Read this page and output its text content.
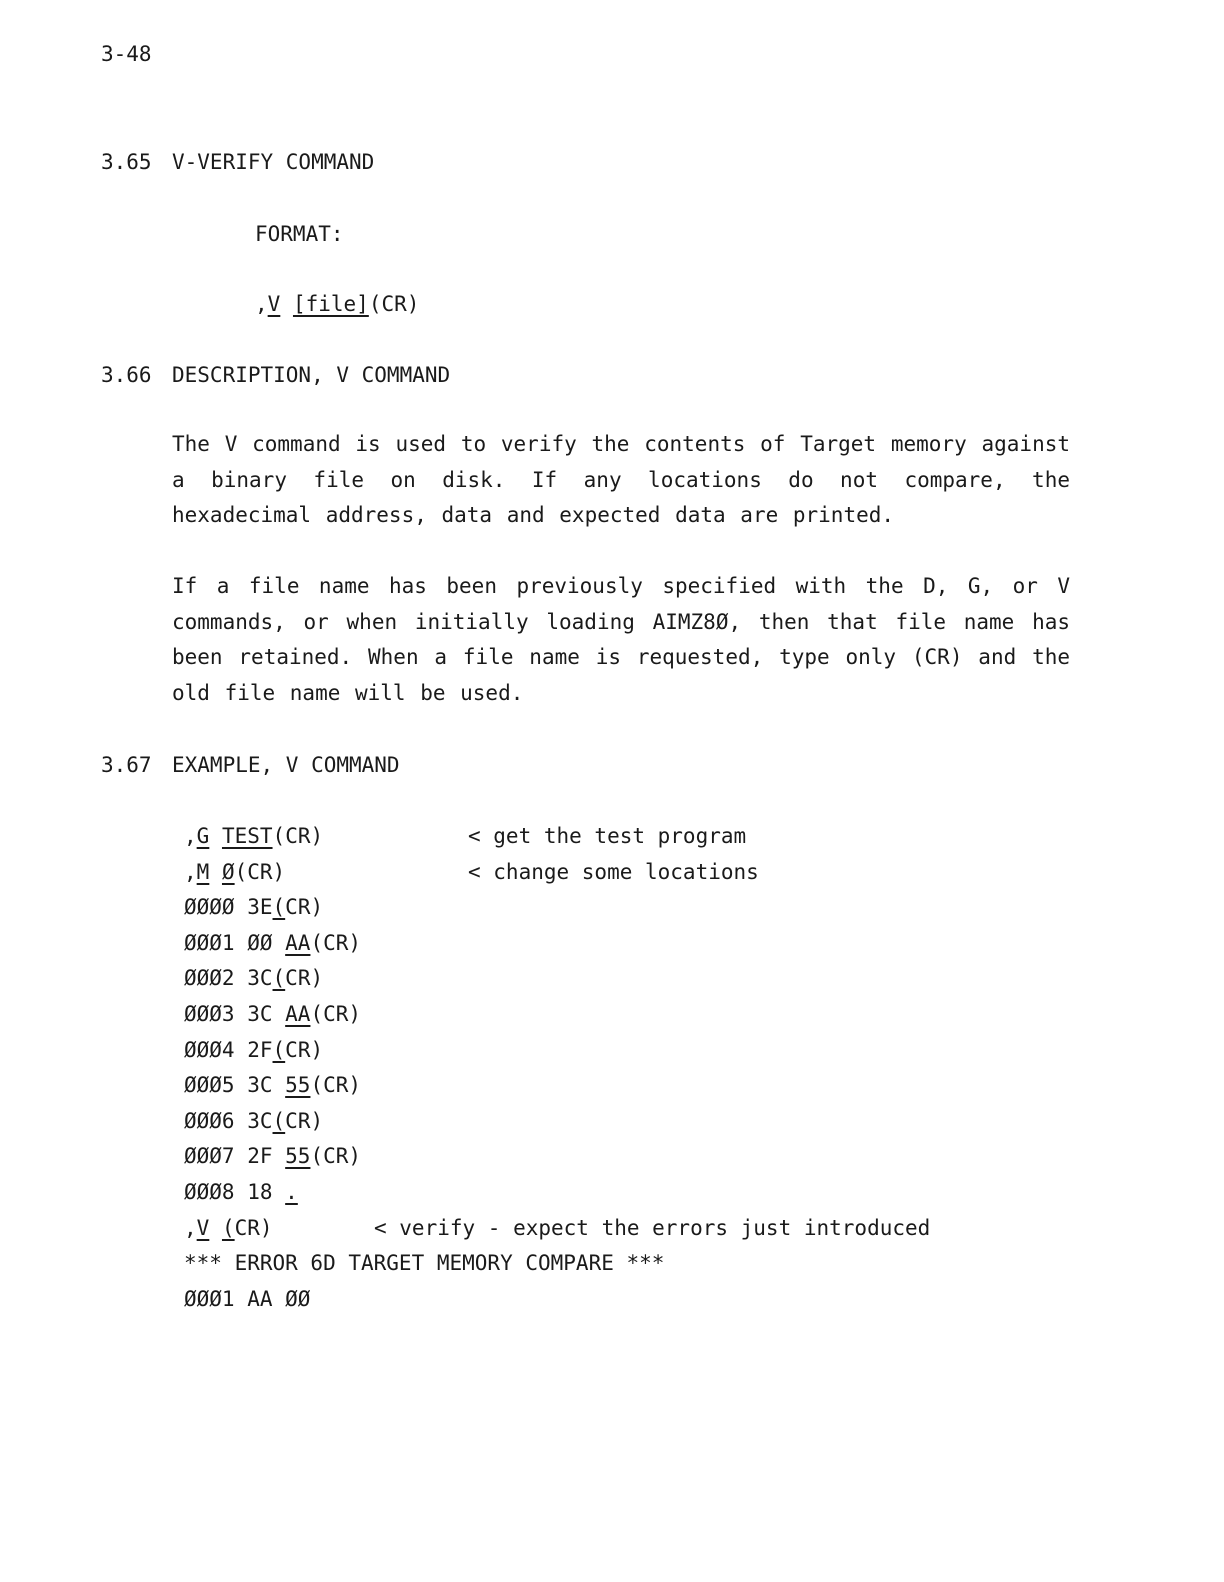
3-48
3.65 V-VERIFY COMMAND
FORMAT:
,V [file](CR)
3.66 DESCRIPTION, V COMMAND
The V command is used to verify the contents of Target memory against a binary file on disk. If any locations do not compare, the hexadecimal address, data and expected data are printed.
If a file name has been previously specified with the D, G, or V commands, or when initially loading AIMZ8Ø, then that file name has been retained. When a file name is requested, type only (CR) and the old file name will be used.
3.67 EXAMPLE, V COMMAND
,G TEST(CR)	< get the test program
,M Ø(CR)	< change some locations
ØØØØ 3E(CR)
ØØØ1 ØØ AA(CR)
ØØØ2 3C(CR)
ØØØ3 3C AA(CR)
ØØØ4 2F(CR)
ØØØ5 3C 55(CR)
ØØØ6 3C(CR)
ØØØ7 2F 55(CR)
ØØØ8 18 .
,V (CR)	< verify - expect the errors just introduced
*** ERROR 6D TARGET MEMORY COMPARE ***
ØØØ1 AA ØØ
